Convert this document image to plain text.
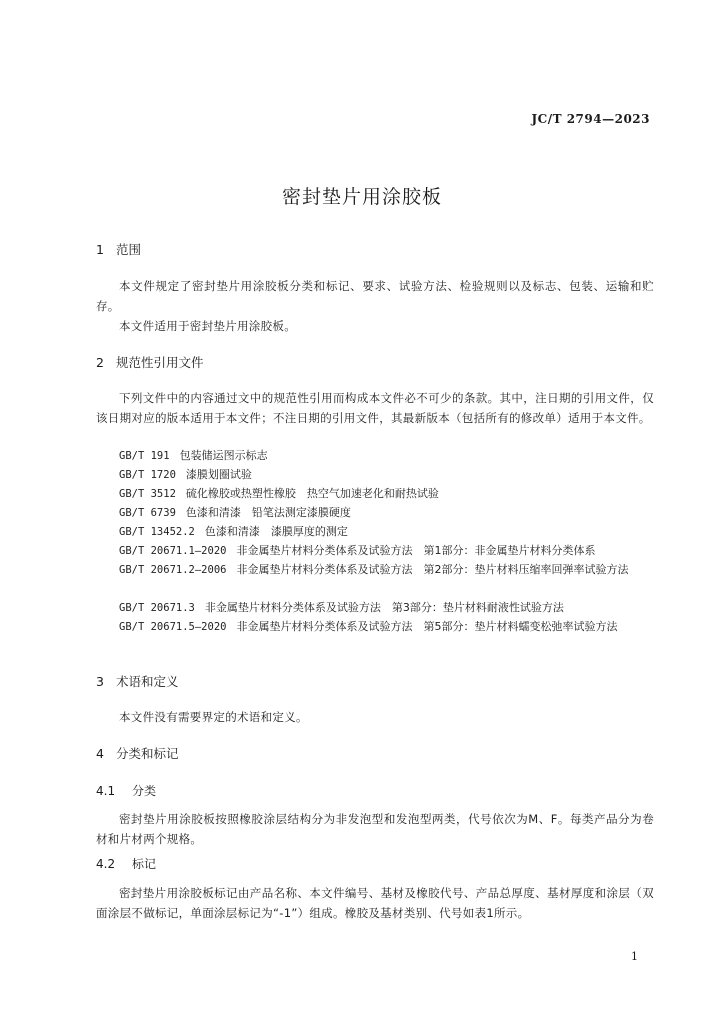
JC/T 2794—2023
密封垫片用涂胶板
1 范围
本文件规定了密封垫片用涂胶板分类和标记、要求、试验方法、检验规则以及标志、包装、运输和贮存。
本文件适用于密封垫片用涂胶板。
2 规范性引用文件
下列文件中的内容通过文中的规范性引用而构成本文件必不可少的条款。其中，注日期的引用文件，仅该日期对应的版本适用于本文件；不注日期的引用文件，其最新版本（包括所有的修改单）适用于本文件。
GB/T 191 包装储运图示标志
GB/T 1720 漆膜划圈试验
GB/T 3512 硫化橡胶或热塑性橡胶　热空气加速老化和耐热试验
GB/T 6739 色漆和清漆　铅笔法测定漆膜硬度
GB/T 13452.2 色漆和清漆　漆膜厚度的测定
GB/T 20671.1—2020 非金属垫片材料分类体系及试验方法　第1部分：非金属垫片材料分类体系
GB/T 20671.2—2006 非金属垫片材料分类体系及试验方法　第2部分：垫片材料压缩率回弹率试验方法
GB/T 20671.3 非金属垫片材料分类体系及试验方法　第3部分：垫片材料耐液性试验方法
GB/T 20671.5—2020 非金属垫片材料分类体系及试验方法　第5部分：垫片材料蠕变松弛率试验方法
3 术语和定义
本文件没有需要界定的术语和定义。
4 分类和标记
4.1 分类
密封垫片用涂胶板按照橡胶涂层结构分为非发泡型和发泡型两类，代号依次为M、F。每类产品分为卷材和片材两个规格。
4.2 标记
密封垫片用涂胶板标记由产品名称、本文件编号、基材及橡胶代号、产品总厚度、基材厚度和涂层（双面涂层不做标记，单面涂层标记为“-1”）组成。橡胶及基材类别、代号如表1所示。
1
